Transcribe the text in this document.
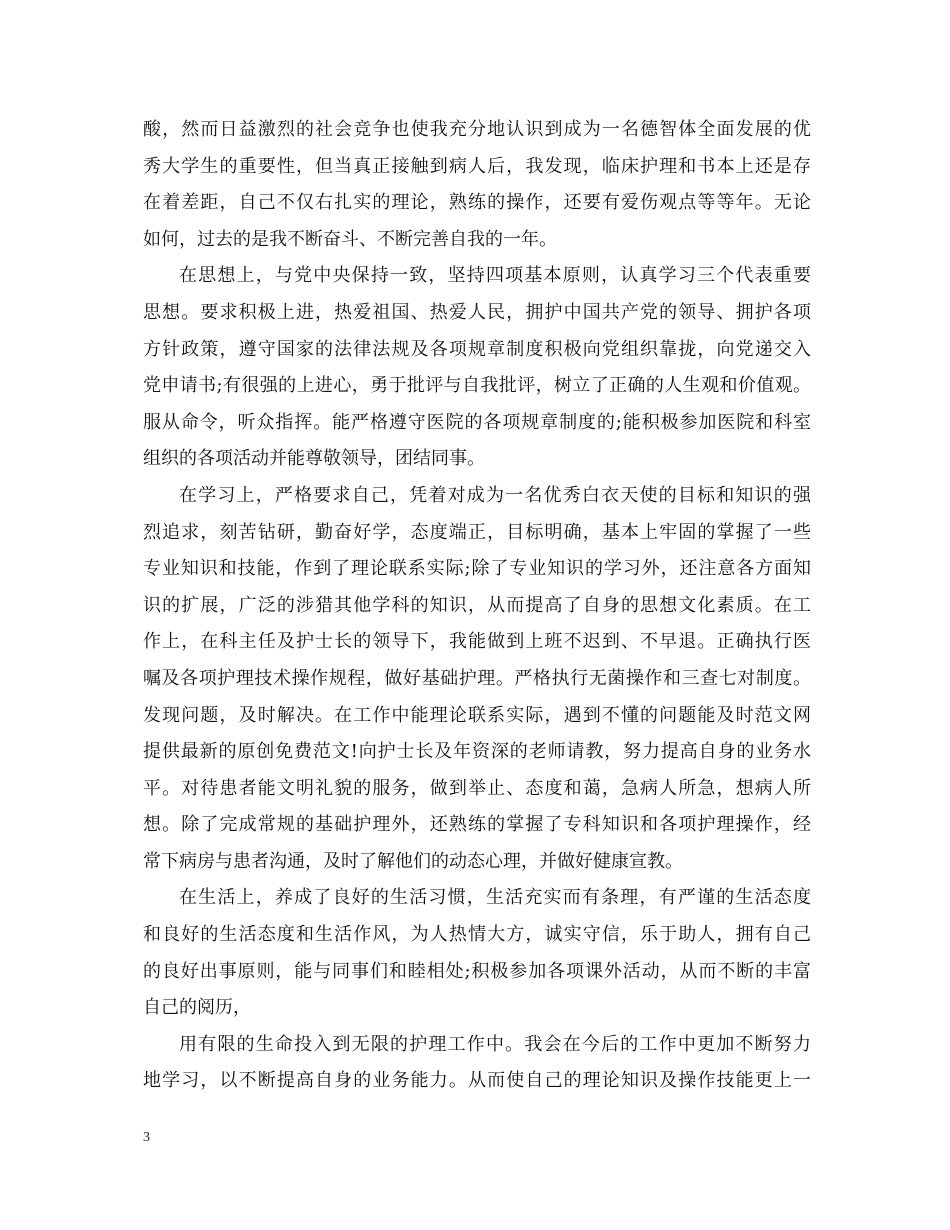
酸，然而日益激烈的社会竞争也使我充分地认识到成为一名德智体全面发展的优
秀大学生的重要性，但当真正接触到病人后，我发现，临床护理和书本上还是存
在着差距，自己不仅右扎实的理论，熟练的操作，还要有爱伤观点等等年。无论
如何，过去的是我不断奋斗、不断完善自我的一年。
在思想上，与党中央保持一致，坚持四项基本原则，认真学习三个代表重要
思想。要求积极上进，热爱祖国、热爱人民，拥护中国共产党的领导、拥护各项
方针政策，遵守国家的法律法规及各项规章制度积极向党组织靠拢，向党递交入
党申请书;有很强的上进心，勇于批评与自我批评，树立了正确的人生观和价值观。
服从命令，听众指挥。能严格遵守医院的各项规章制度的;能积极参加医院和科室
组织的各项活动并能尊敬领导，团结同事。
在学习上，严格要求自己，凭着对成为一名优秀白衣天使的目标和知识的强
烈追求，刻苦钻研，勤奋好学，态度端正，目标明确，基本上牢固的掌握了一些
专业知识和技能，作到了理论联系实际;除了专业知识的学习外，还注意各方面知
识的扩展，广泛的涉猎其他学科的知识，从而提高了自身的思想文化素质。在工
作上，在科主任及护士长的领导下，我能做到上班不迟到、不早退。正确执行医
嘱及各项护理技术操作规程，做好基础护理。严格执行无菌操作和三查七对制度。
发现问题，及时解决。在工作中能理论联系实际，遇到不懂的问题能及时范文网
提供最新的原创免费范文!向护士长及年资深的老师请教，努力提高自身的业务水
平。对待患者能文明礼貌的服务，做到举止、态度和蔼，急病人所急，想病人所
想。除了完成常规的基础护理外，还熟练的掌握了专科知识和各项护理操作，经
常下病房与患者沟通，及时了解他们的动态心理，并做好健康宣教。
在生活上，养成了良好的生活习惯，生活充实而有条理，有严谨的生活态度
和良好的生活态度和生活作风，为人热情大方，诚实守信，乐于助人，拥有自己
的良好出事原则，能与同事们和睦相处;积极参加各项课外活动，从而不断的丰富
自己的阅历，
用有限的生命投入到无限的护理工作中。我会在今后的工作中更加不断努力
地学习，以不断提高自身的业务能力。从而使自己的理论知识及操作技能更上一
3
